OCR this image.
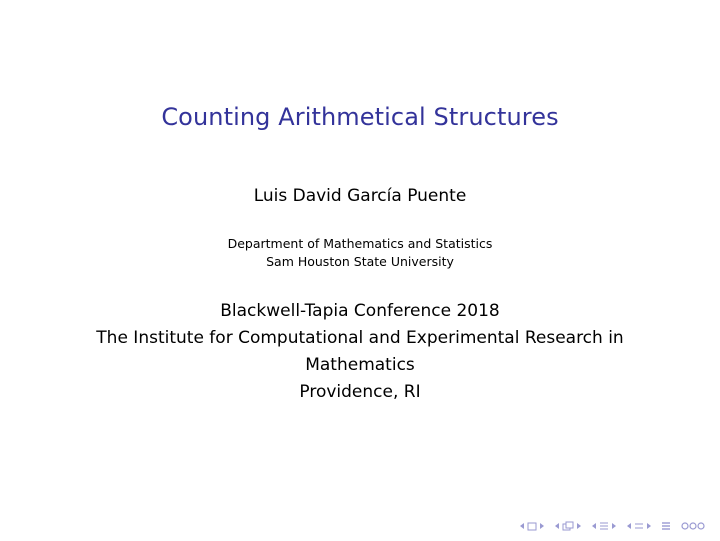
Counting Arithmetical Structures
Luis David García Puente
Department of Mathematics and Statistics
Sam Houston State University
Blackwell-Tapia Conference 2018
The Institute for Computational and Experimental Research in Mathematics
Providence, RI
